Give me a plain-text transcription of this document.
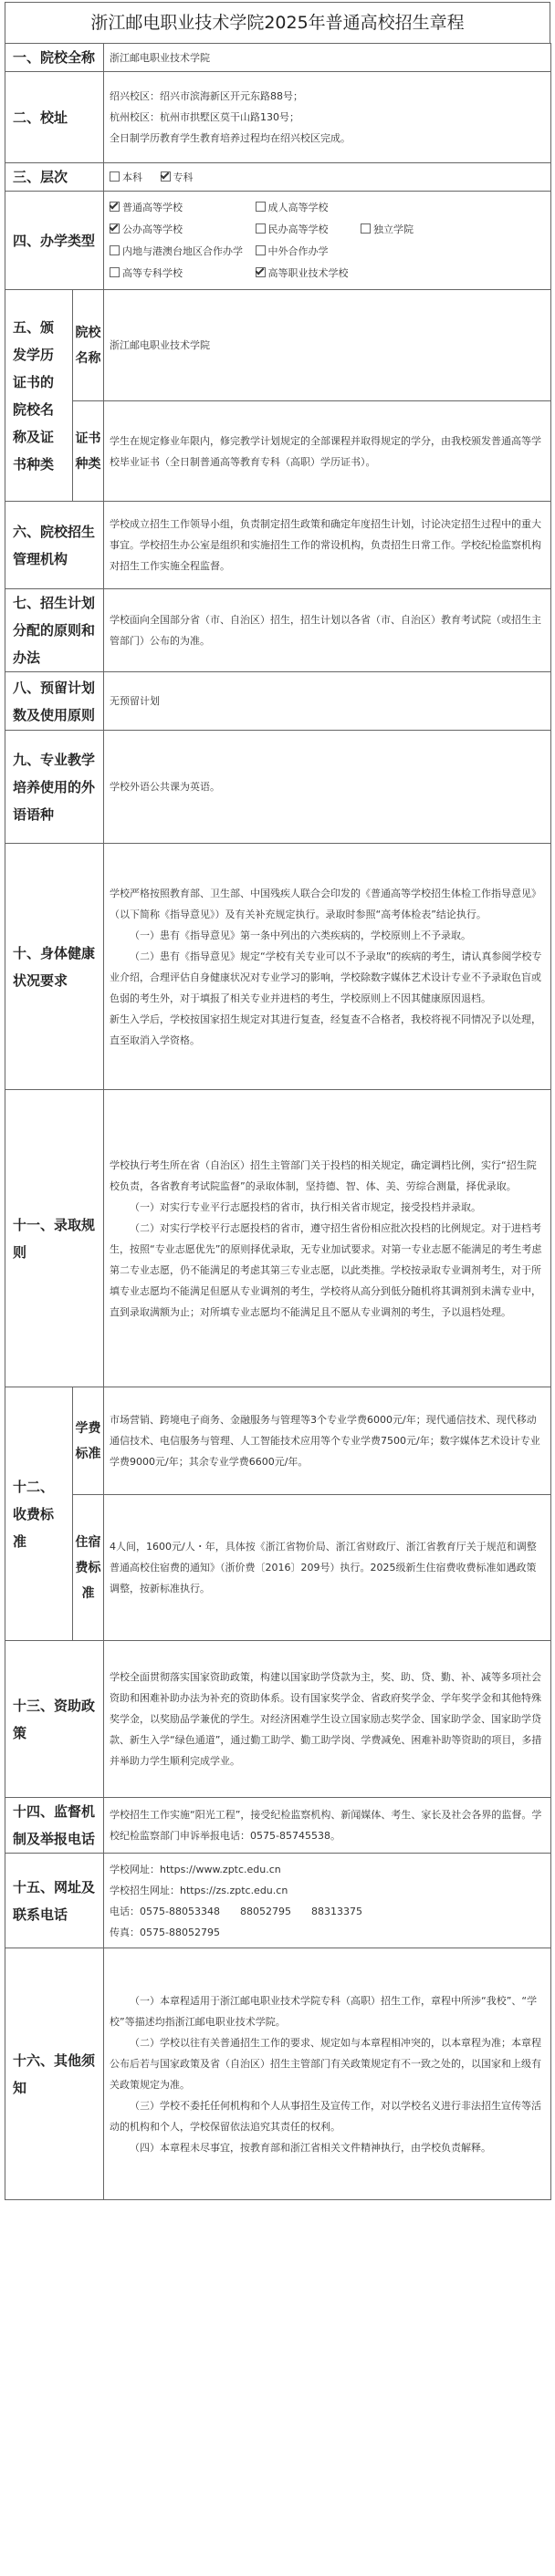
浙江邮电职业技术学院2025年普通高校招生章程
一、院校全称		浙江邮电职业技术学院
二、校址		绍兴校区：绍兴市滨海新区开元东路88号；

杭州校区：杭州市拱墅区莫干山路130号；

全日制学历教育学生教育培养过程均在绍兴校区完成。

三、层次		本科 专科
四、办学类型		普通高等学校 成人高等学校

公办高等学校 民办高等学校 独立学院

内地与港澳台地区合作办学 中外合作办学

高等专科学校 高等职业技术学校

五、颁发学历证书的院校名称及证书种类	院校名称	浙江邮电职业技术学院
	证书种类	学生在规定修业年限内，修完教学计划规定的全部课程并取得规定的学分，由我校颁发普通高等学校毕业证书（全日制普通高等教育专科（高职）学历证书）。
六、院校招生管理机构		学校成立招生工作领导小组，负责制定招生政策和确定年度招生计划，讨论决定招生过程中的重大事宜。学校招生办公室是组织和实施招生工作的常设机构，负责招生日常工作。学校纪检监察机构对招生工作实施全程监督。
七、招生计划分配的原则和办法		学校面向全国部分省（市、自治区）招生，招生计划以各省（市、自治区）教育考试院（或招生主管部门）公布的为准。
八、预留计划数及使用原则		无预留计划
九、专业教学培养使用的外语语种		学校外语公共课为英语。
十、身体健康状况要求		学校严格按照教育部、卫生部、中国残疾人联合会印发的《普通高等学校招生体检工作指导意见》（以下简称《指导意见》）及有关补充规定执行。录取时参照“高考体检表”结论执行。

（一）患有《指导意见》第一条中列出的六类疾病的，学校原则上不予录取。

（二）患有《指导意见》规定“学校有关专业可以不予录取”的疾病的考生，请认真参阅学校专业介绍，合理评估自身健康状况对专业学习的影响，学校除数字媒体艺术设计专业不予录取色盲或色弱的考生外，对于填报了相关专业并进档的考生，学校原则上不因其健康原因退档。

新生入学后，学校按国家招生规定对其进行复查，经复查不合格者，我校将视不同情况予以处理，直至取消入学资格。

十一、录取规则		学校执行考生所在省（自治区）招生主管部门关于投档的相关规定，确定调档比例，实行“招生院校负责，各省教育考试院监督”的录取体制，坚持德、智、体、美、劳综合测量，择优录取。

（一）对实行专业平行志愿投档的省市，执行相关省市规定，接受投档并录取。

（二）对实行学校平行志愿投档的省市，遵守招生省份相应批次投档的比例规定。对于进档考生，按照“专业志愿优先”的原则择优录取，无专业加试要求。对第一专业志愿不能满足的考生考虑第二专业志愿，仍不能满足的考虑其第三专业志愿，以此类推。学校按录取专业调剂考生，对于所填专业志愿均不能满足但愿从专业调剂的考生，学校将从高分到低分随机将其调剂到未满专业中，直到录取满额为止；对所填专业志愿均不能满足且不愿从专业调剂的考生，予以退档处理。

十二、收费标准	学费标准	市场营销、跨境电子商务、金融服务与管理等3个专业学费6000元/年；现代通信技术、现代移动通信技术、电信服务与管理、人工智能技术应用等个专业学费7500元/年；数字媒体艺术设计专业学费9000元/年；其余专业学费6600元/年。
	住宿费标准	4人间，1600元/人・年，具体按《浙江省物价局、浙江省财政厅、浙江省教育厅关于规范和调整普通高校住宿费的通知》（浙价费〔2016〕209号）执行。2025级新生住宿费收费标准如遇政策调整，按新标准执行。
十三、资助政策		学校全面贯彻落实国家资助政策，构建以国家助学贷款为主，奖、助、贷、勤、补、减等多项社会资助和困难补助办法为补充的资助体系。设有国家奖学金、省政府奖学金、学年奖学金和其他特殊奖学金，以奖励品学兼优的学生。对经济困难学生设立国家励志奖学金、国家助学金、国家助学贷款、新生入学“绿色通道”，通过勤工助学、勤工助学岗、学费减免、困难补助等资助的项目，多措并举助力学生顺利完成学业。
十四、监督机制及举报电话		学校招生工作实施“阳光工程”，接受纪检监察机构、新闻媒体、考生、家长及社会各界的监督。学校纪检监察部门申诉举报电话：0575-85745538。
十五、网址及联系电话		学校网址：https://www.zptc.edu.cn

学校招生网址：https://zs.zptc.edu.cn

电话：0575-88053348　　88052795　　88313375

传真：0575-88052795

十六、其他须知		（一）本章程适用于浙江邮电职业技术学院专科（高职）招生工作，章程中所涉“我校”、“学校”等描述均指浙江邮电职业技术学院。

（二）学校以往有关普通招生工作的要求、规定如与本章程相冲突的，以本章程为准；本章程公布后若与国家政策及省（自治区）招生主管部门有关政策规定有不一致之处的，以国家和上级有关政策规定为准。

（三）学校不委托任何机构和个人从事招生及宣传工作，对以学校名义进行非法招生宣传等活动的机构和个人，学校保留依法追究其责任的权利。

（四）本章程未尽事宜，按教育部和浙江省相关文件精神执行，由学校负责解释。
